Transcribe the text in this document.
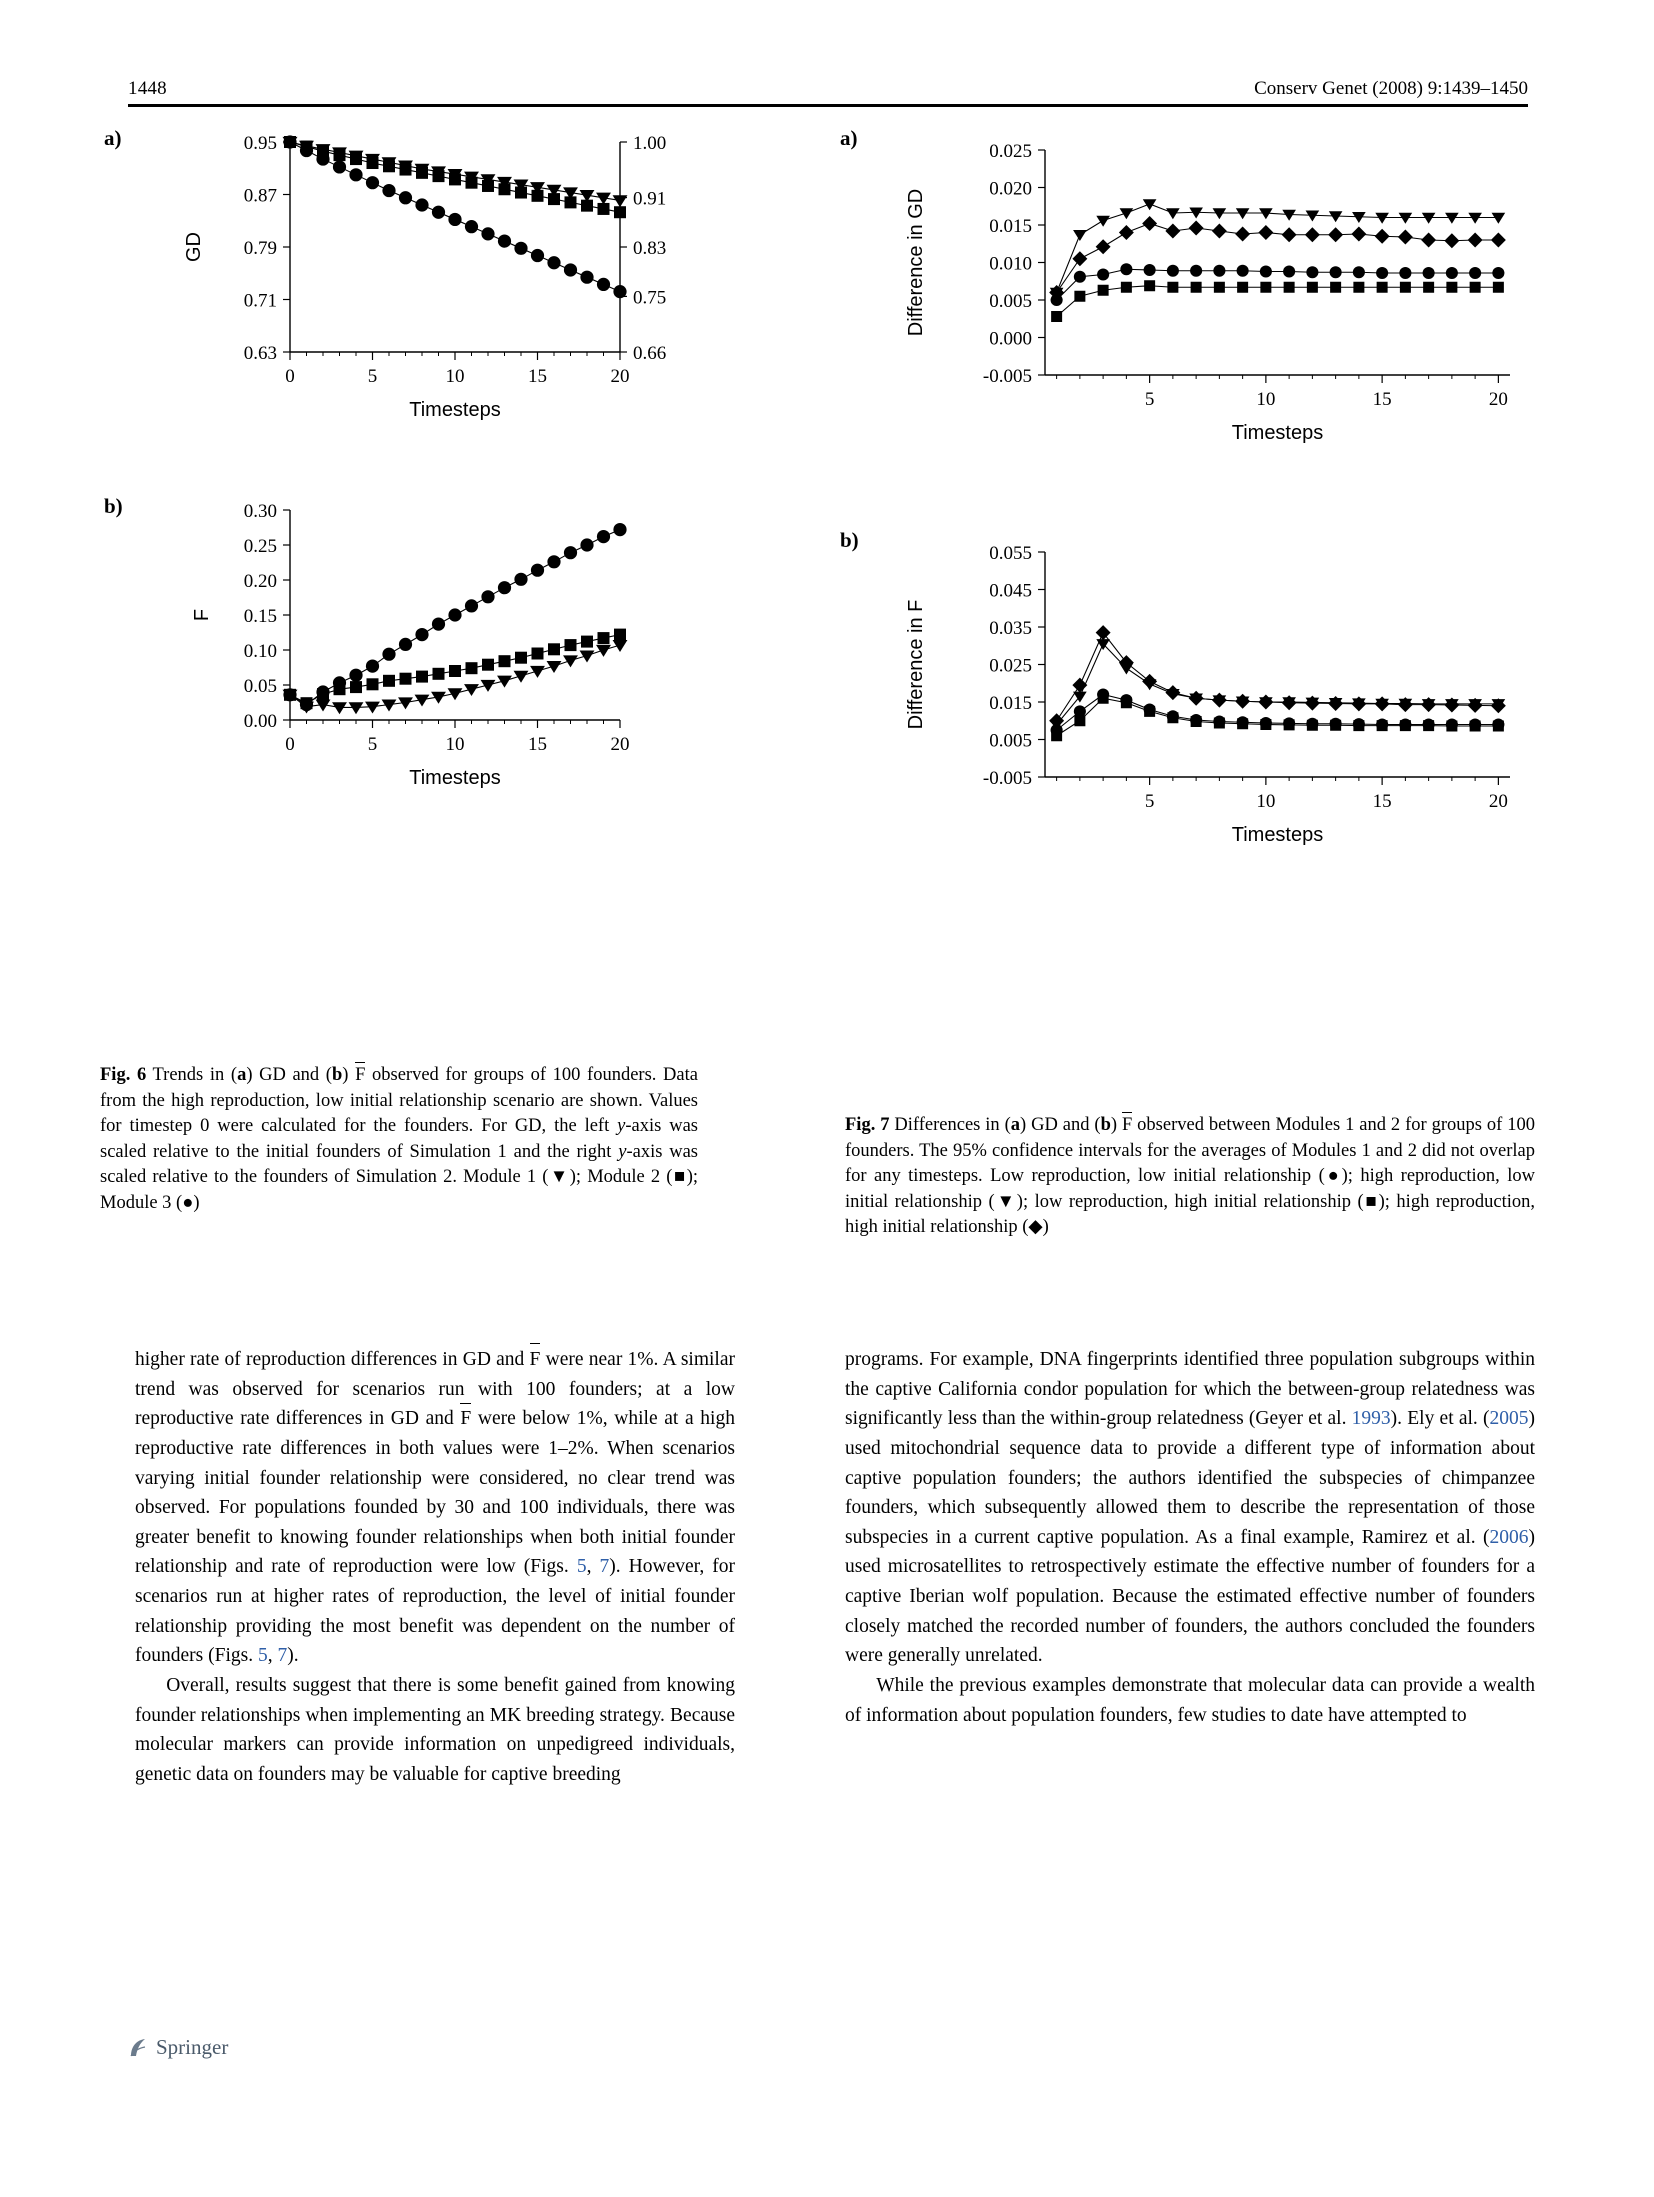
1448	Conserv Genet (2008) 9:1439–1450
a)
0.63
0.71
0.79
0.87
0.95
0	5	10	15	20
0.66
0.75
0.83
0.91
1.00
Timesteps
GD
b)
0.00
0.05
0.10
0.15
0.20
0.25
0.30
0	5	10	15	20
Timesteps
F
Fig. 6 Trends in (a) GD and (b) F observed for groups of 100 founders. Data from the high reproduction, low initial relationship scenario are shown. Values for timestep 0 were calculated for the founders. For GD, the left y-axis was scaled relative to the initial founders of Simulation 1 and the right y-axis was scaled relative to the founders of Simulation 2. Module 1 (▼); Module 2 (■); Module 3 (●)
a)
-0.005
0.000
0.005
0.010
0.015
0.020
0.025
5	10	15	20
Timesteps
Difference in GD
b)
-0.005
0.005
0.015
0.025
0.035
0.045
0.055
5	10	15	20
Timesteps
Difference in F
Fig. 7 Differences in (a) GD and (b) F observed between Modules 1 and 2 for groups of 100 founders. The 95% confidence intervals for the averages of Modules 1 and 2 did not overlap for any timesteps. Low reproduction, low initial relationship (●); high reproduction, low initial relationship (▼); low reproduction, high initial relationship (■); high reproduction, high initial relationship (◆)

higher rate of reproduction differences in GD and F were near 1%. A similar trend was observed for scenarios run with 100 founders; at a low reproductive rate differences in GD and F were below 1%, while at a high reproductive rate differences in both values were 1–2%. When scenarios varying initial founder relationship were considered, no clear trend was observed. For populations founded by 30 and 100 individuals, there was greater benefit to knowing founder relationships when both initial founder relationship and rate of reproduction were low (Figs. 5, 7). However, for scenarios run at higher rates of reproduction, the level of initial founder relationship providing the most benefit was dependent on the number of founders (Figs. 5, 7).

Overall, results suggest that there is some benefit gained from knowing founder relationships when implementing an MK breeding strategy. Because molecular markers can provide information on unpedigreed individuals, genetic data on founders may be valuable for captive breeding

programs. For example, DNA fingerprints identified three population subgroups within the captive California condor population for which the between-group relatedness was significantly less than the within-group relatedness (Geyer et al. 1993). Ely et al. (2005) used mitochondrial sequence data to provide a different type of information about captive population founders; the authors identified the subspecies of chimpanzee founders, which subsequently allowed them to describe the representation of those subspecies in a current captive population. As a final example, Ramirez et al. (2006) used microsatellites to retrospectively estimate the effective number of founders for a captive Iberian wolf population. Because the estimated effective number of founders closely matched the recorded number of founders, the authors concluded the founders were generally unrelated.

While the previous examples demonstrate that molecular data can provide a wealth of information about population founders, few studies to date have attempted to

Springer
